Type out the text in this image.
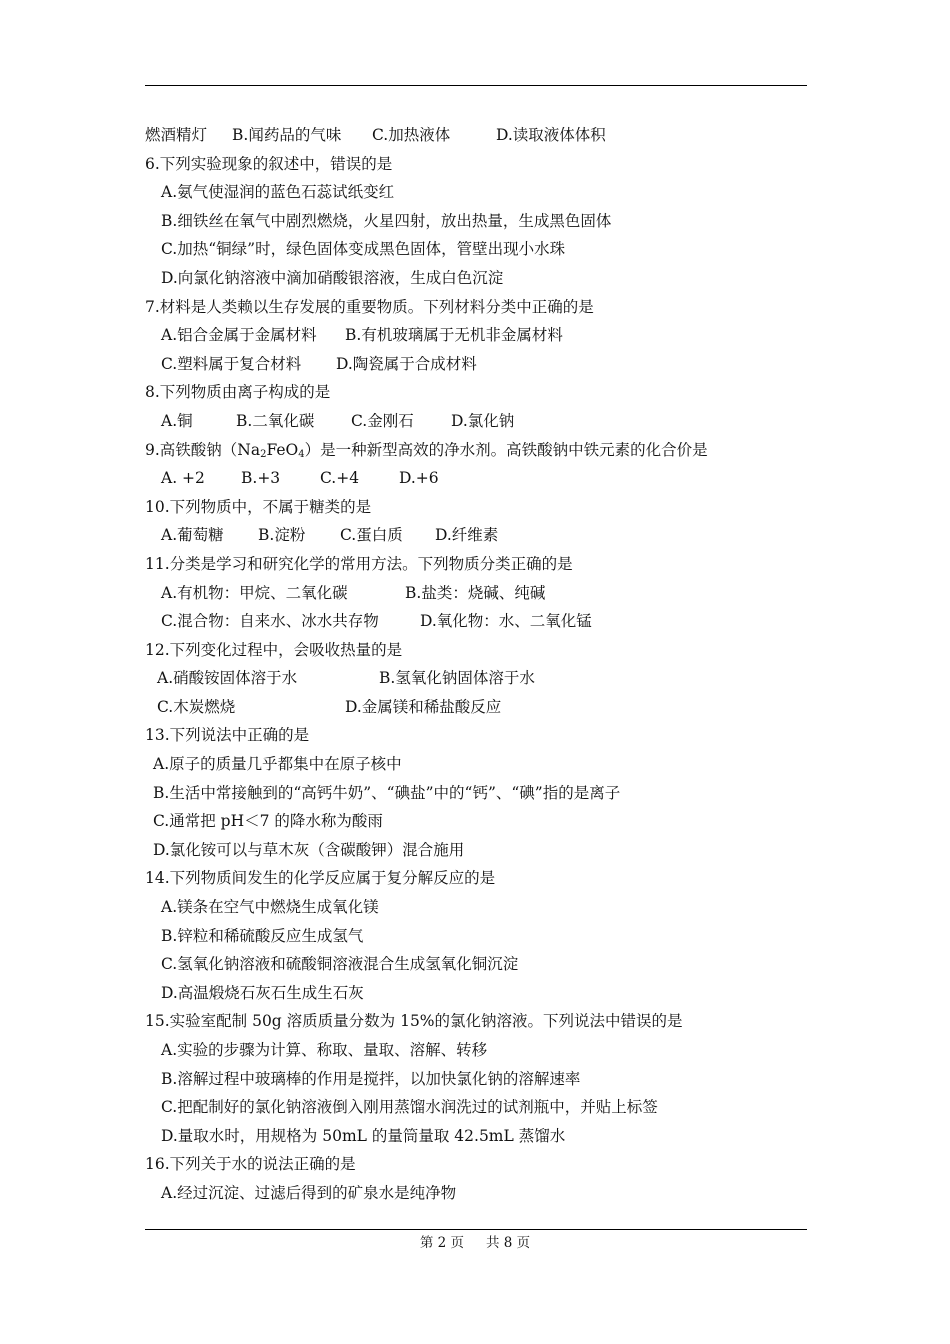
燃酒精灯 B.闻药品的气味 C.加热液体	D.读取液体体积
6.下列实验现象的叙述中，错误的是
A.氨气使湿润的蓝色石蕊试纸变红
B.细铁丝在氧气中剧烈燃烧，火星四射，放出热量，生成黑色固体
C.加热“铜绿”时，绿色固体变成黑色固体，管壁出现小水珠
D.向氯化钠溶液中滴加硝酸银溶液，生成白色沉淀
7.材料是人类赖以生存发展的重要物质。下列材料分类中正确的是
A.铝合金属于金属材料 B.有机玻璃属于无机非金属材料
C.塑料属于复合材料 D.陶瓷属于合成材料
8.下列物质由离子构成的是
A.铜	B.二氧化碳 C.金刚石 D.氯化钠
9.高铁酸钠$(Na_2FeO_4)$是一种新型高效的净水剂。高铁酸钠中铁元素的化合价是
A. +2 B.+3	C.+4	D.+6
10.下列物质中，不属于糖类的是
A.葡萄糖 B.淀粉 C.蛋白质 D.纤维素
11.分类是学习和研究化学的常用方法。下列物质分类正确的是
A.有机物：甲烷、二氧化碳	B.盐类：烧碱、纯碱
C.混合物：自来水、冰水共存物	D.氧化物：水、二氧化锰
12.下列变化过程中，会吸收热量的是
A.硝酸铵固体溶于水	B.氢氧化钠固体溶于水
C.木炭燃烧	D.金属镁和稀盐酸反应
13.下列说法中正确的是
A.原子的质量几乎都集中在原子核中
B.生活中常接触到的“高钙牛奶”、“碘盐”中的“钙”、“碘”指的是离子
C.通常把 pH＜7 的降水称为酸雨
D.氯化铵可以与草木灰（含碳酸钾）混合施用
14.下列物质间发生的化学反应属于复分解反应的是
A.镁条在空气中燃烧生成氧化镁
B.锌粒和稀硫酸反应生成氢气
C.氢氧化钠溶液和硫酸铜溶液混合生成氢氧化铜沉淀
D.高温煅烧石灰石生成生石灰
15.实验室配制 50g 溶质质量分数为 15%的氯化钠溶液。下列说法中错误的是
A.实验的步骤为计算、称取、量取、溶解、转移
B.溶解过程中玻璃棒的作用是搅拌，以加快氯化钠的溶解速率
C.把配制好的氯化钠溶液倒入刚用蒸馏水润洗过的试剂瓶中，并贴上标签
D.量取水时，用规格为 50mL 的量筒量取 42.5mL 蒸馏水
16.下列关于水的说法正确的是
A.经过沉淀、过滤后得到的矿泉水是纯净物
第 2 页 共 8 页
